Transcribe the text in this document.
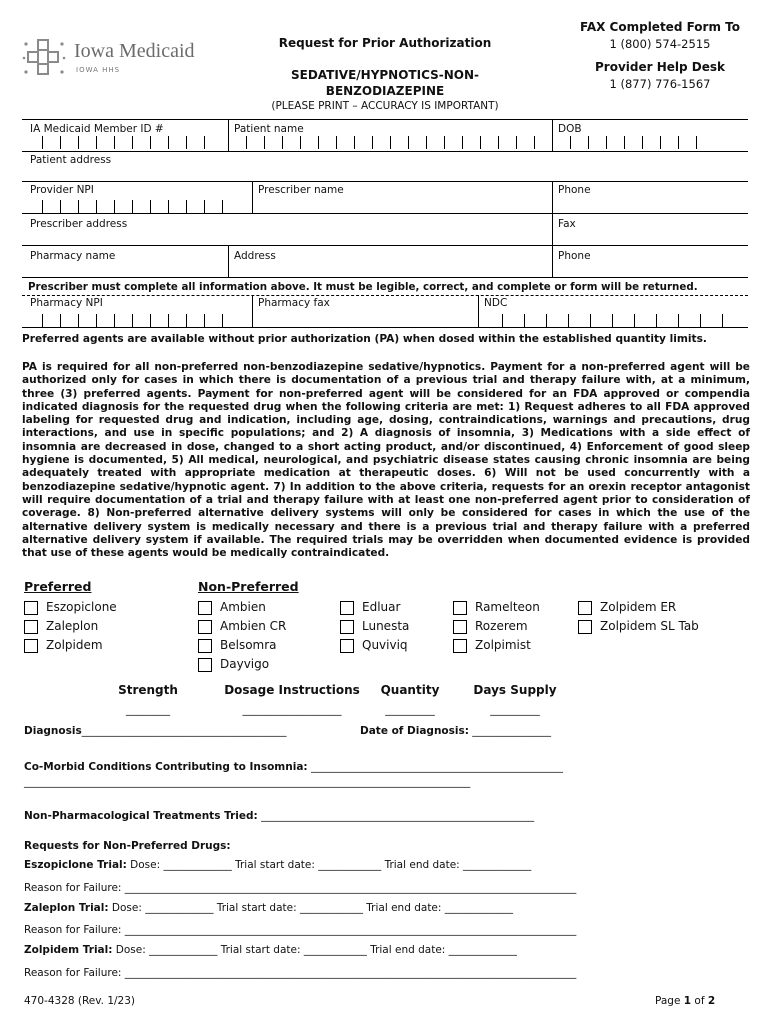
Iowa Medicaid
IOWA HHS
Request for Prior Authorization
SEDATIVE/HYPNOTICS-NON-
BENZODIAZEPINE
(PLEASE PRINT – ACCURACY IS IMPORTANT)
FAX Completed Form To
1 (800) 574-2515
Provider Help Desk
1 (877) 776-1567
IA Medicaid Member ID #	Patient name	DOB
Patient address
Provider NPI	Prescriber name	Phone
Prescriber address	Fax
Pharmacy name	Address	Phone
Prescriber must complete all information above. It must be legible, correct, and complete or form will be returned.
Pharmacy NPI	Pharmacy fax	NDC
Preferred agents are available without prior authorization (PA) when dosed within the established quantity limits.
PA is required for all non-preferred non-benzodiazepine sedative/hypnotics. Payment for a non-preferred agent will be authorized only for cases in which there is documentation of a previous trial and therapy failure with, at a minimum, three (3) preferred agents. Payment for non-preferred agent will be considered for an FDA approved or compendia indicated diagnosis for the requested drug when the following criteria are met: 1) Request adheres to all FDA approved labeling for requested drug and indication, including age, dosing, contraindications, warnings and precautions, drug interactions, and use in specific populations; and 2) A diagnosis of insomnia, 3) Medications with a side effect of insomnia are decreased in dose, changed to a short acting product, and/or discontinued, 4) Enforcement of good sleep hygiene is documented, 5) All medical, neurological, and psychiatric disease states causing chronic insomnia are being adequately treated with appropriate medication at therapeutic doses. 6) Will not be used concurrently with a benzodiazepine sedative/hypnotic agent. 7) In addition to the above criteria, requests for an orexin receptor antagonist will require documentation of a trial and therapy failure with at least one non-preferred agent prior to consideration of coverage. 8) Non-preferred alternative delivery systems will only be considered for cases in which the use of the alternative delivery system is medically necessary and there is a previous trial and therapy failure with a preferred alternative delivery system if available. The required trials may be overridden when documented evidence is provided that use of these agents would be medically contraindicated.
Preferred	Non-Preferred
Eszopiclone
Zaleplon
Zolpidem
Ambien
Ambien CR
Belsomra
Dayvigo
Edluar
Lunesta
Quviviq
Ramelteon
Rozerem
Zolpimist
Zolpidem ER
Zolpidem SL Tab
Strength	Dosage Instructions	Quantity	Days Supply
________	__________________	_________	_________
Diagnosis_______________________________________	Date of Diagnosis: _______________
Co-Morbid Conditions Contributing to Insomnia: ________________________________________________
_____________________________________________________________________________________
Non-Pharmacological Treatments Tried: ____________________________________________________
Requests for Non-Preferred Drugs:
Eszopiclone Trial: Dose: _____________ Trial start date: ____________ Trial end date: _____________
Reason for Failure: ______________________________________________________________________________________
Zaleplon Trial: Dose: _____________ Trial start date: ____________ Trial end date: _____________
Reason for Failure: ______________________________________________________________________________________
Zolpidem Trial: Dose: _____________ Trial start date: ____________ Trial end date: _____________
Reason for Failure: ______________________________________________________________________________________
470-4328 (Rev. 1/23)	Page 1 of 2
